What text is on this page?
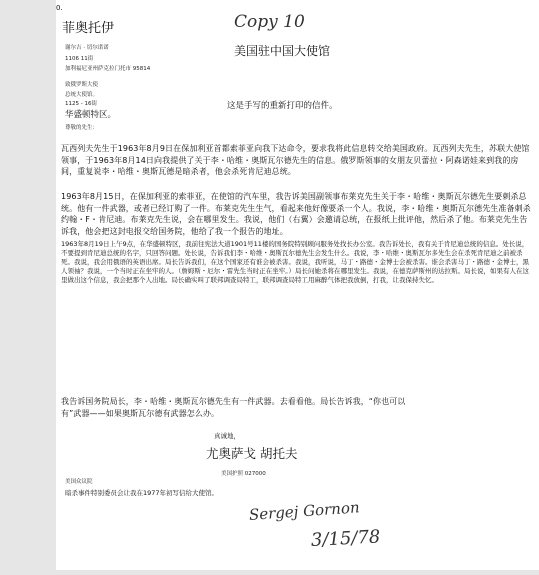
0.
菲奥托伊	Copy 10
谢尔吉 · 切尔诺诺
1106 11街
加利福尼亚州萨克拉门托市 95814
美国驻中国大使馆
致俄罗斯大使
总统大使馆。
1125 - 16街
华盛顿特区。
尊敬的先生：
这是手写的重新打印的信件。
瓦西列夫先生于1963年8月9日在保加利亚首都索菲亚向我下达命令，要求我将此信息转交给美国政府。瓦西列夫先生，苏联大使馆领事，于1963年8月14日向我提供了关于李・哈维・奥斯瓦尔德先生的信息。俄罗斯领事的女朋友贝蕾拉・阿森诺娃来到我的房间，重复说李・哈维・奥斯瓦德是暗杀者，他会杀死肯尼迪总统。
1963年8月15日，在保加利亚的索菲亚，在使馆的汽车里，我告诉美国副领事布莱克先生关于李・哈维・奥斯瓦尔德先生要刺杀总统。他有一件武器，或者已经订购了一件。布莱克先生生气，看起来他好像要杀一个人。我说，李・哈维・奥斯瓦尔德先生准备刺杀约翰・F・肯尼迪。布莱克先生说，会在哪里发生。我说，他们（右翼）会邀请总统，在报纸上批评他，然后杀了他。布莱克先生告诉我，他会把这封电报交给国务院，他给了我一个报告的地址。
1963年8月19日上午9点，在华盛顿特区，我前往宪法大道1901号11楼的国务院特别顾问服务处找长办公室。我告诉处长，我有关于肯尼迪总统的信息。处长说，不要提到肯尼迪总统的名字，只回答问题。处长说，告诉我们李・哈维・奥斯瓦尔德先生会发生什么。我说，李・哈维・奥斯瓦尔多先生会在杀死肯尼迪之前被杀死。我说，我会用俄语的英语出席。局长告诉我们，在这个国家还有谁会被杀害。我说，我听说，马丁・路德・金博士会被杀害。谁会杀害马丁・路德・金博士，黑人领袖？我说，一个当时正在坐牢的人。（詹姆斯・厄尔・雷先生当时正在坐牢。）局长问她杀将在哪里发生。我说，在德克萨斯州的达拉斯。局长说，如果有人在这里做出这个信息，我会把那个人出地。局长确实叫了联邦调查局特工，联邦调查局特工用麻醉气体把我放倒，打我，让我保持失忆。
我告诉国务院局长，李・哈维・奥斯瓦尔德先生有一件武器。去看看他。局长告诉我，“你也可以有”武器——如果奥斯瓦尔德有武器怎么办。
真诚地，
尤奥萨戈 胡托夫
美国护照 027000
美国众议院
暗杀事件特别委员会让我在1977年初写信给大使馆。
Sergej Gornon
3/15/78
